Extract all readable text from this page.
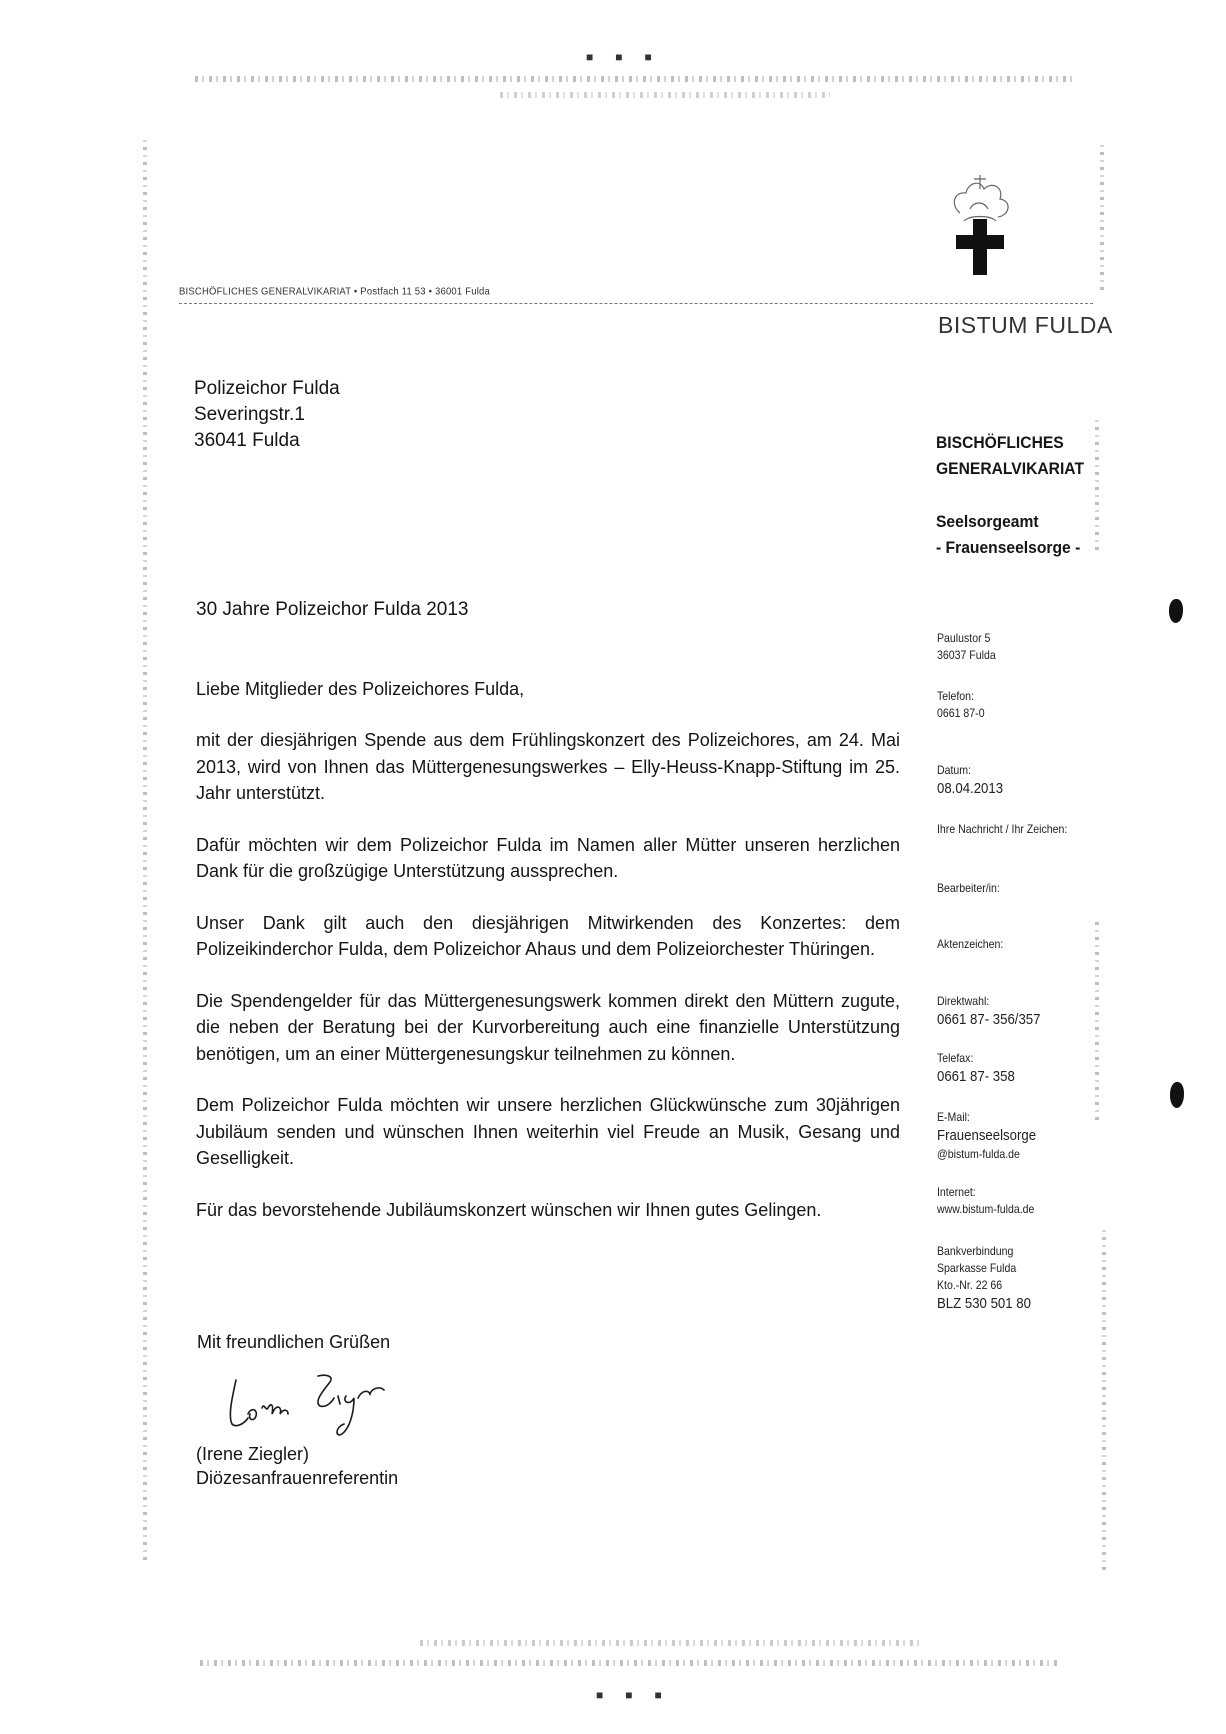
■■■
■■■
BISCHÖFLICHES GENERALVIKARIAT • Postfach 11 53 • 36001 Fulda
BISTUM FULDA
Polizeichor Fulda
Severingstr.1
36041 Fulda	BISCHÖFLICHES
GENERALVIKARIAT
Seelsorgeamt
- Frauenseelsorge -
Paulustor 5
36037 Fulda
Telefon:
0661 87-0
Datum:
08.04.2013
Ihre Nachricht / Ihr Zeichen:
Bearbeiter/in:
Aktenzeichen:
Direktwahl:
0661 87- 356/357
Telefax:
0661 87- 358
E-Mail:
Frauenseelsorge
@bistum-fulda.de
Internet:
www.bistum-fulda.de
Bankverbindung
Sparkasse Fulda
Kto.-Nr. 22 66
BLZ 530 501 80
30 Jahre Polizeichor Fulda 2013
Liebe Mitglieder des Polizeichores Fulda,

mit der diesjährigen Spende aus dem Frühlingskonzert des Polizeichores, am 24. Mai 2013, wird von Ihnen das Müttergenesungswerkes – Elly-Heuss-Knapp-Stiftung im 25. Jahr unterstützt.

Dafür möchten wir dem Polizeichor Fulda im Namen aller Mütter unseren herzlichen Dank für die großzügige Unterstützung aussprechen.

Unser Dank gilt auch den diesjährigen Mitwirkenden des Konzertes: dem Polizeikinderchor Fulda, dem Polizeichor Ahaus und dem Polizeiorchester Thüringen.

Die Spendengelder für das Müttergenesungswerk kommen direkt den Müttern zugute, die neben der Beratung bei der Kurvorbereitung auch eine finanzielle Unterstützung benötigen, um an einer Müttergenesungskur teilnehmen zu können.

Dem Polizeichor Fulda möchten wir unsere herzlichen Glückwünsche zum 30jährigen Jubiläum senden und wünschen Ihnen weiterhin viel Freude an Musik, Gesang und Geselligkeit.

Für das bevorstehende Jubiläumskonzert wünschen wir Ihnen gutes Gelingen.

Mit freundlichen Grüßen
(Irene Ziegler)
Diözesanfrauenreferentin
